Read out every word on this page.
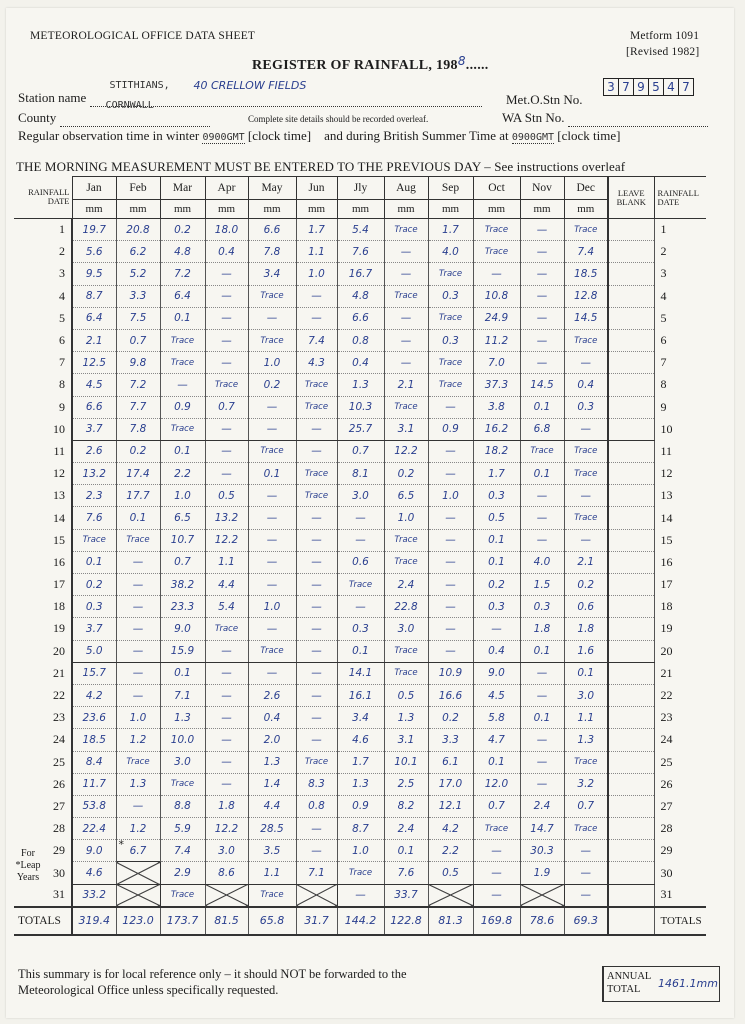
METEOROLOGICAL OFFICE DATA SHEET	Metform 1091
[Revised 1982]
REGISTER OF RAINFALL, 1988......
Station name
STITHIANS, 40 CRELLOW FIELDS

Met.O.Stn No.
3 7 9 5 4 7
County
CORNWALL

Complete site details should be recorded overleaf.	WA Stn No.
Regular observation time in winter 0900GMT [clock time] and during British Summer Time at 0900GMT [clock time]
THE MORNING MEASUREMENT MUST BE ENTERED TO THE PREVIOUS DAY – See instructions overleaf
RAINFALL DATE	Jan	Feb	Mar	Apr	May	Jun	Jly	Aug	Sep	Oct	Nov	Dec	LEAVE BLANK	RAINFALL DATE
	mm	mm	mm	mm	mm	mm	mm	mm	mm	mm	mm	mm		
1	19.7	20.8	0.2	18.0	6.6	1.7	5.4	Trace	1.7	Trace	—	Trace		1
2	5.6	6.2	4.8	0.4	7.8	1.1	7.6	—	4.0	Trace	—	7.4		2
3	9.5	5.2	7.2	—	3.4	1.0	16.7	—	Trace	—	—	18.5		3
4	8.7	3.3	6.4	—	Trace	—	4.8	Trace	0.3	10.8	—	12.8		4
5	6.4	7.5	0.1	—	—	—	6.6	—	Trace	24.9	—	14.5		5
6	2.1	0.7	Trace	—	Trace	7.4	0.8	—	0.3	11.2	—	Trace		6
7	12.5	9.8	Trace	—	1.0	4.3	0.4	—	Trace	7.0	—	—		7
8	4.5	7.2	—	Trace	0.2	Trace	1.3	2.1	Trace	37.3	14.5	0.4		8
9	6.6	7.7	0.9	0.7	—	Trace	10.3	Trace	—	3.8	0.1	0.3		9
10	3.7	7.8	Trace	—	—	—	25.7	3.1	0.9	16.2	6.8	—		10
11	2.6	0.2	0.1	—	Trace	—	0.7	12.2	—	18.2	Trace	Trace		11
12	13.2	17.4	2.2	—	0.1	Trace	8.1	0.2	—	1.7	0.1	Trace		12
13	2.3	17.7	1.0	0.5	—	Trace	3.0	6.5	1.0	0.3	—	—		13
14	7.6	0.1	6.5	13.2	—	—	—	1.0	—	0.5	—	Trace		14
15	Trace	Trace	10.7	12.2	—	—	—	Trace	—	0.1	—	—		15
16	0.1	—	0.7	1.1	—	—	0.6	Trace	—	0.1	4.0	2.1		16
17	0.2	—	38.2	4.4	—	—	Trace	2.4	—	0.2	1.5	0.2		17
18	0.3	—	23.3	5.4	1.0	—	—	22.8	—	0.3	0.3	0.6		18
19	3.7	—	9.0	Trace	—	—	0.3	3.0	—	—	1.8	1.8		19
20	5.0	—	15.9	—	Trace	—	0.1	Trace	—	0.4	0.1	1.6		20
21	15.7	—	0.1	—	—	—	14.1	Trace	10.9	9.0	—	0.1		21
22	4.2	—	7.1	—	2.6	—	16.1	0.5	16.6	4.5	—	3.0		22
23	23.6	1.0	1.3	—	0.4	—	3.4	1.3	0.2	5.8	0.1	1.1		23
24	18.5	1.2	10.0	—	2.0	—	4.6	3.1	3.3	4.7	—	1.3		24
25	8.4	Trace	3.0	—	1.3	Trace	1.7	10.1	6.1	0.1	—	Trace		25
26	11.7	1.3	Trace	—	1.4	8.3	1.3	2.5	17.0	12.0	—	3.2		26
27	53.8	—	8.8	1.8	4.4	0.8	0.9	8.2	12.1	0.7	2.4	0.7		27
28	22.4	1.2	5.9	12.2	28.5	—	8.7	2.4	4.2	Trace	14.7	Trace		28
29	9.0	* 6.7	7.4	3.0	3.5	—	1.0	0.1	2.2	—	30.3	—		29
30	4.6		2.9	8.6	1.1	7.1	Trace	7.6	0.5	—	1.9	—		30
31	33.2		Trace		Trace		—	33.7		—		—		31
TOTALS	319.4	123.0	173.7	81.5	65.8	31.7	144.2	122.8	81.3	169.8	78.6	69.3		TOTALS
For *Leap Years
This summary is for local reference only – it should NOT be forwarded to the Meteorological Office unless specifically requested.
ANNUAL TOTAL	1461.1mm
